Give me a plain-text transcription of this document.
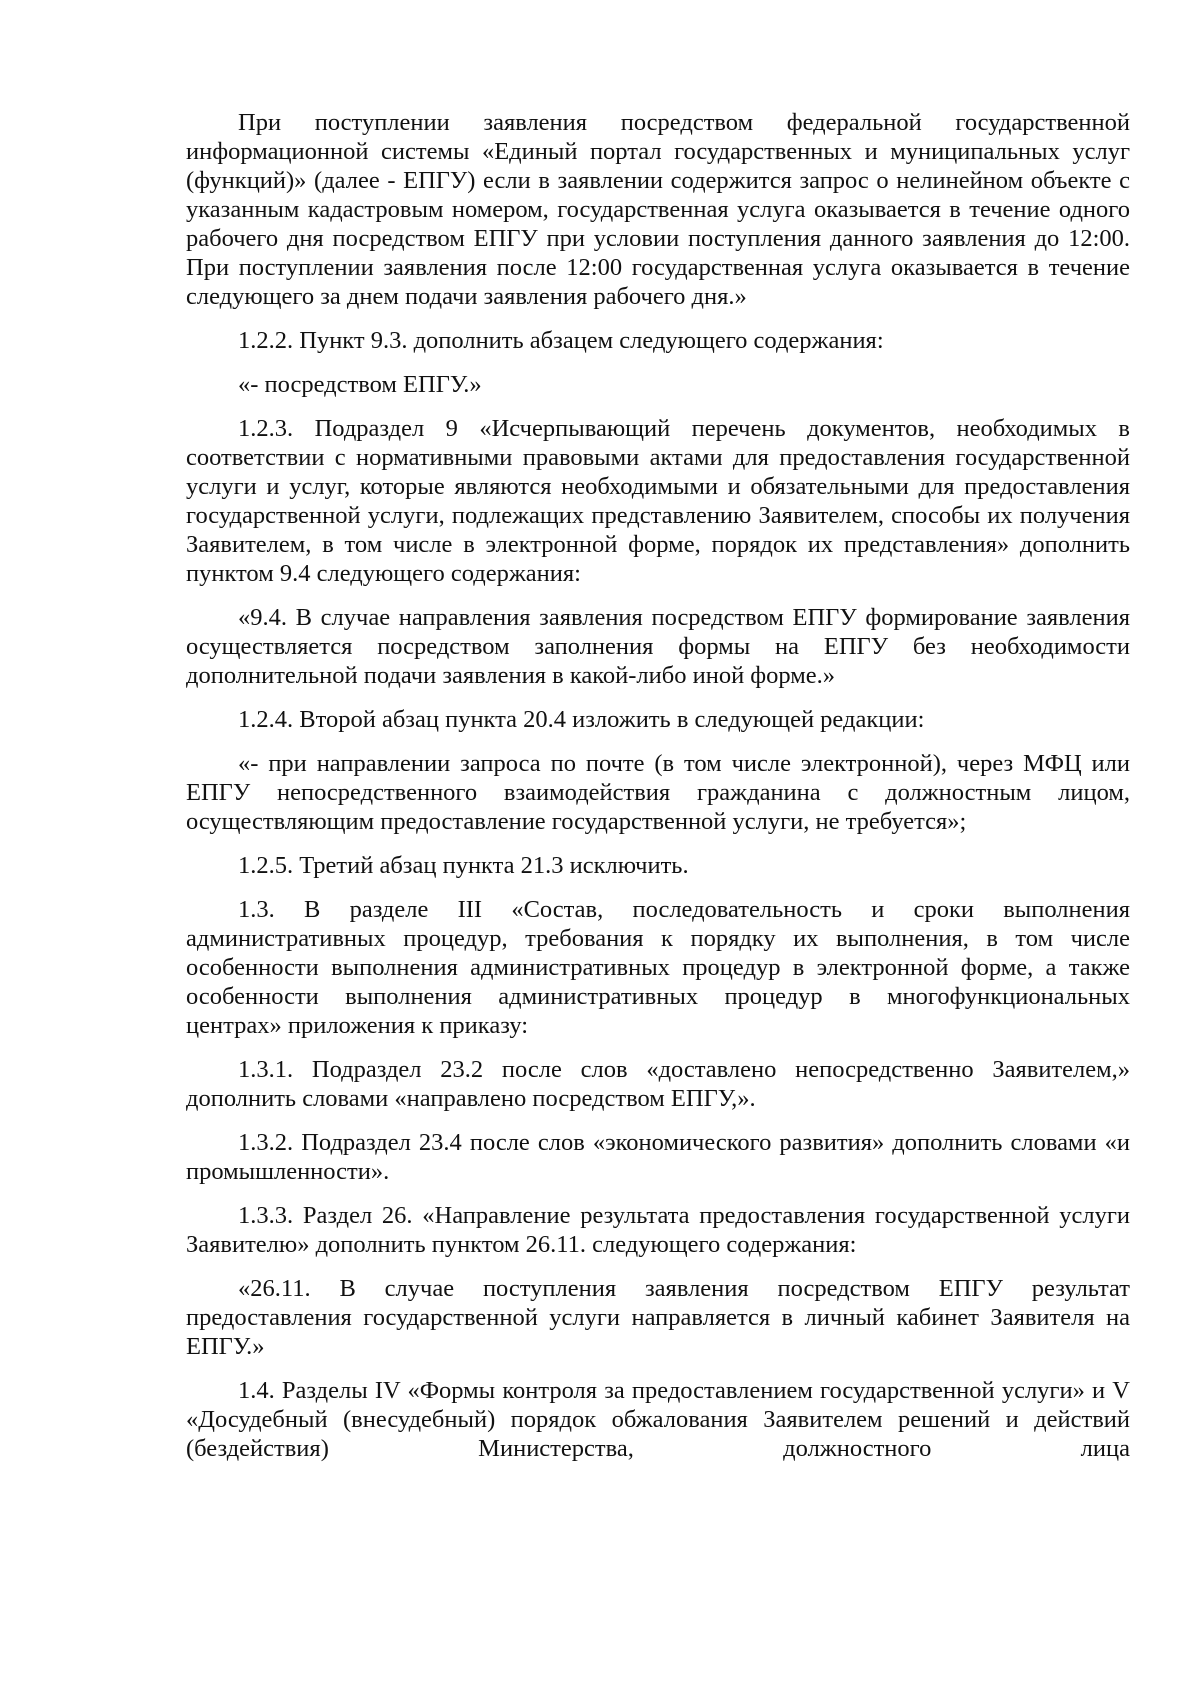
При поступлении заявления посредством федеральной государственной информационной системы «Единый портал государственных и муниципальных услуг (функций)» (далее - ЕПГУ) если в заявлении содержится запрос о нелинейном объекте с указанным кадастровым номером, государственная услуга оказывается в течение одного рабочего дня посредством ЕПГУ при условии поступления данного заявления до 12:00. При поступлении заявления после 12:00 государственная услуга оказывается в течение следующего за днем подачи заявления рабочего дня.»

1.2.2. Пункт 9.3. дополнить абзацем следующего содержания:

«- посредством ЕПГУ.»

1.2.3. Подраздел 9 «Исчерпывающий перечень документов, необходимых в соответствии с нормативными правовыми актами для предоставления государственной услуги и услуг, которые являются необходимыми и обязательными для предоставления государственной услуги, подлежащих представлению Заявителем, способы их получения Заявителем, в том числе в электронной форме, порядок их представления» дополнить пунктом 9.4 следующего содержания:

«9.4. В случае направления заявления посредством ЕПГУ формирование заявления осуществляется посредством заполнения формы на ЕПГУ без необходимости дополнительной подачи заявления в какой-либо иной форме.»

1.2.4. Второй абзац пункта 20.4 изложить в следующей редакции:

«- при направлении запроса по почте (в том числе электронной), через МФЦ или ЕПГУ непосредственного взаимодействия гражданина с должностным лицом, осуществляющим предоставление государственной услуги, не требуется»;

1.2.5. Третий абзац пункта 21.3 исключить.

1.3. В разделе III «Состав, последовательность и сроки выполнения административных процедур, требования к порядку их выполнения, в том числе особенности выполнения административных процедур в электронной форме, а также особенности выполнения административных процедур в многофункциональных центрах» приложения к приказу:

1.3.1. Подраздел 23.2 после слов «доставлено непосредственно Заявителем,» дополнить словами «направлено посредством ЕПГУ,».

1.3.2. Подраздел 23.4 после слов «экономического развития» дополнить словами «и промышленности».

1.3.3. Раздел 26. «Направление результата предоставления государственной услуги Заявителю» дополнить пунктом 26.11. следующего содержания:

«26.11. В случае поступления заявления посредством ЕПГУ результат предоставления государственной услуги направляется в личный кабинет Заявителя на ЕПГУ.»

1.4. Разделы IV «Формы контроля за предоставлением государственной услуги» и V «Досудебный (внесудебный) порядок обжалования Заявителем решений и действий (бездействия) Министерства, должностного лица
